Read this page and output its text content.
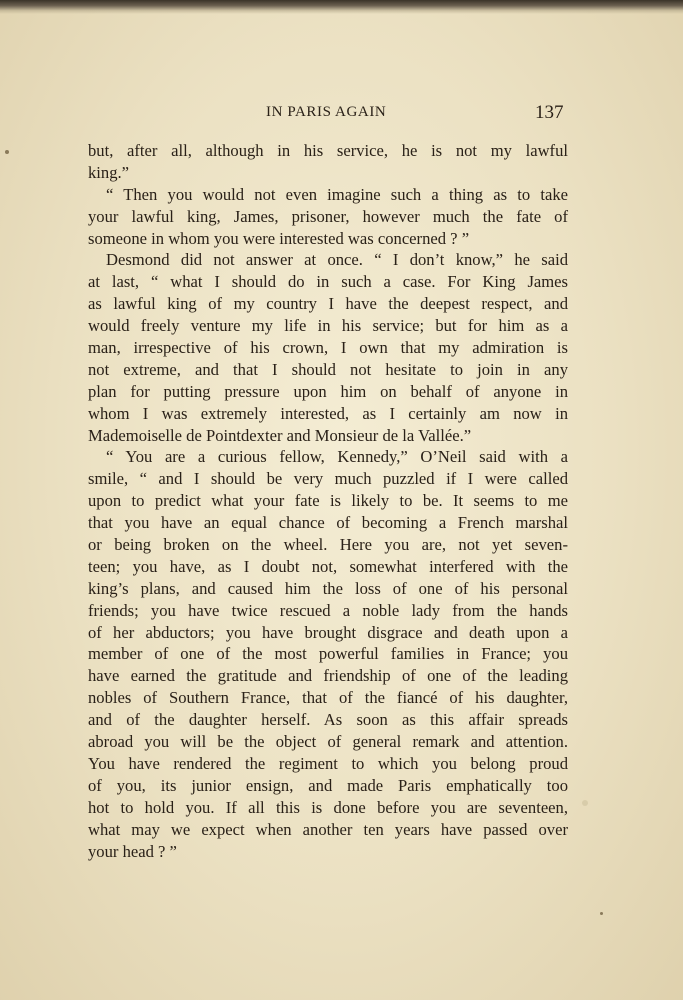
IN PARIS AGAIN	137
but, after all, although in his service, he is not my lawful
king.”
“ Then you would not even imagine such a thing as to take
your lawful king, James, prisoner, however much the fate of
someone in whom you were interested was concerned ? ”
Desmond did not answer at once. “ I don’t know,” he said
at last, “ what I should do in such a case. For King James
as lawful king of my country I have the deepest respect, and
would freely venture my life in his service; but for him as a
man, irrespective of his crown, I own that my admiration is
not extreme, and that I should not hesitate to join in any
plan for putting pressure upon him on behalf of anyone in
whom I was extremely interested, as I certainly am now in
Mademoiselle de Pointdexter and Monsieur de la Vallée.”
“ You are a curious fellow, Kennedy,” O’Neil said with a
smile, “ and I should be very much puzzled if I were called
upon to predict what your fate is likely to be. It seems to me
that you have an equal chance of becoming a French marshal
or being broken on the wheel. Here you are, not yet seven-
teen; you have, as I doubt not, somewhat interfered with the
king’s plans, and caused him the loss of one of his personal
friends; you have twice rescued a noble lady from the hands
of her abductors; you have brought disgrace and death upon a
member of one of the most powerful families in France; you
have earned the gratitude and friendship of one of the leading
nobles of Southern France, that of the fiancé of his daughter,
and of the daughter herself. As soon as this affair spreads
abroad you will be the object of general remark and attention.
You have rendered the regiment to which you belong proud
of you, its junior ensign, and made Paris emphatically too
hot to hold you. If all this is done before you are seventeen,
what may we expect when another ten years have passed over
your head ? ”
